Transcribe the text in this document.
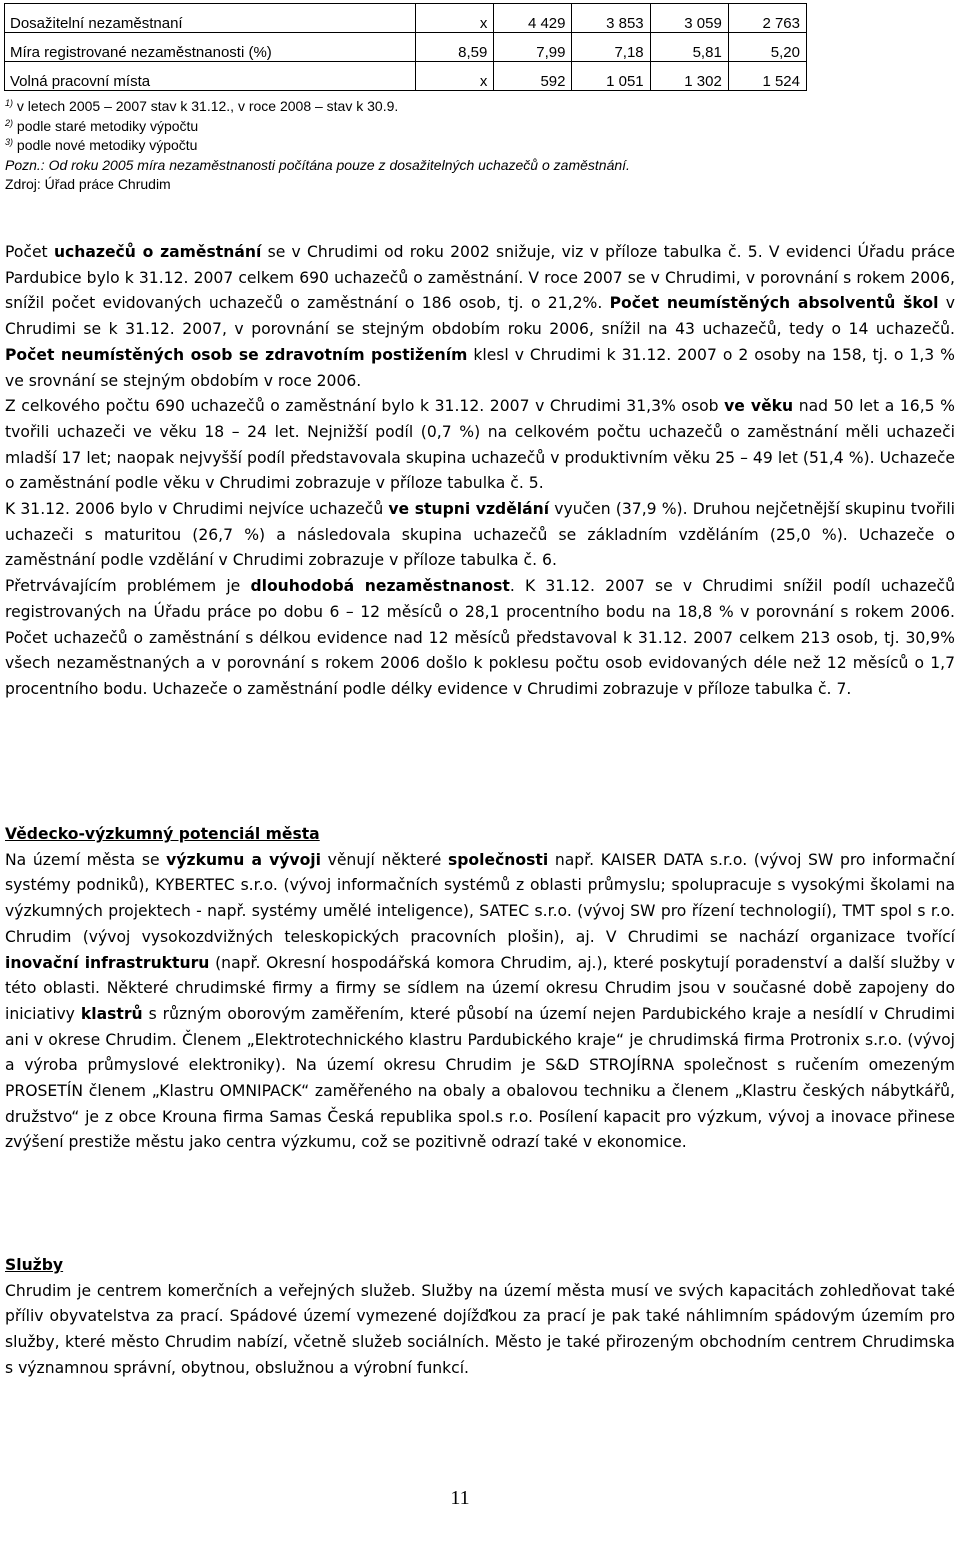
Dosažitelní nezaměstnaní	x	4 429	3 853	3 059	2 763
Míra registrované nezaměstnanosti (%)	8,59	7,99	7,18	5,81	5,20
Volná pracovní místa	x	592	1 051	1 302	1 524
$^{1)}$ v letech 2005 – 2007 stav k 31.12., v roce 2008 – stav k 30.9.
$^{2)}$ podle staré metodiky výpočtu
$^{3)}$ podle nové metodiky výpočtu
Pozn.: Od roku 2005 míra nezaměstnanosti počítána pouze z dosažitelných uchazečů o zaměstnání.
Zdroj: Úřad práce Chrudim

Počet uchazečů o zaměstnání se v Chrudimi od roku 2002 snižuje, viz v příloze tabulka č. 5. V evidenci Úřadu práce Pardubice bylo k 31.12. 2007 celkem 690 uchazečů o zaměstnání. V roce 2007 se v Chrudimi, v porovnání s rokem 2006, snížil počet evidovaných uchazečů o zaměstnání o 186 osob, tj. o 21,2%. Počet neumístěných absolventů škol v Chrudimi se k 31.12. 2007, v porovnání se stejným obdobím roku 2006, snížil na 43 uchazečů, tedy o 14 uchazečů. Počet neumístěných osob se zdravotním postižením klesl v Chrudimi k 31.12. 2007 o 2 osoby na 158, tj. o 1,3 % ve srovnání se stejným obdobím v roce 2006.

Z celkového počtu 690 uchazečů o zaměstnání bylo k 31.12. 2007 v Chrudimi 31,3% osob ve věku nad 50 let a 16,5 % tvořili uchazeči ve věku 18 – 24 let. Nejnižší podíl (0,7 %) na celkovém počtu uchazečů o zaměstnání měli uchazeči mladší 17 let; naopak nejvyšší podíl představovala skupina uchazečů v produktivním věku 25 – 49 let (51,4 %). Uchazeče o zaměstnání podle věku v Chrudimi zobrazuje v příloze tabulka č. 5.

K 31.12. 2006 bylo v Chrudimi nejvíce uchazečů ve stupni vzdělání vyučen (37,9 %). Druhou nejčetnější skupinu tvořili uchazeči s maturitou (26,7 %) a následovala skupina uchazečů se základním vzděláním (25,0 %). Uchazeče o zaměstnání podle vzdělání v Chrudimi zobrazuje v příloze tabulka č. 6.

Přetrvávajícím problémem je dlouhodobá nezaměstnanost. K 31.12. 2007 se v Chrudimi snížil podíl uchazečů registrovaných na Úřadu práce po dobu 6 – 12 měsíců o 28,1 procentního bodu na 18,8 % v porovnání s rokem 2006. Počet uchazečů o zaměstnání s délkou evidence nad 12 měsíců představoval k 31.12. 2007 celkem 213 osob, tj. 30,9% všech nezaměstnaných a v porovnání s rokem 2006 došlo k poklesu počtu osob evidovaných déle než 12 měsíců o 1,7 procentního bodu. Uchazeče o zaměstnání podle délky evidence v Chrudimi zobrazuje v příloze tabulka č. 7.

Vědecko-výzkumný potenciál města

Na území města se výzkumu a vývoji věnují některé společnosti např. KAISER DATA s.r.o. (vývoj SW pro informační systémy podniků), KYBERTEC s.r.o. (vývoj informačních systémů z oblasti průmyslu; spolupracuje s vysokými školami na výzkumných projektech - např. systémy umělé inteligence), SATEC s.r.o. (vývoj SW pro řízení technologií), TMT spol s r.o. Chrudim (vývoj vysokozdvižných teleskopických pracovních plošin), aj. V Chrudimi se nachází organizace tvořící inovační infrastrukturu (např. Okresní hospodářská komora Chrudim, aj.), které poskytují poradenství a další služby v této oblasti. Některé chrudimské firmy a firmy se sídlem na území okresu Chrudim jsou v současné době zapojeny do iniciativy klastrů s různým oborovým zaměřením, které působí na území nejen Pardubického kraje a nesídlí v Chrudimi ani v okrese Chrudim. Členem „Elektrotechnického klastru Pardubického kraje“ je chrudimská firma Protronix s.r.o. (vývoj a výroba průmyslové elektroniky). Na území okresu Chrudim je S&D STROJÍRNA společnost s ručením omezeným PROSETÍN členem „Klastru OMNIPACK“ zaměřeného na obaly a obalovou techniku a členem „Klastru českých nábytkářů, družstvo“ je z obce Krouna firma Samas Česká republika spol.s r.o. Posílení kapacit pro výzkum, vývoj a inovace přinese zvýšení prestiže městu jako centra výzkumu, což se pozitivně odrazí také v ekonomice.

Služby

Chrudim je centrem komerčních a veřejných služeb. Služby na území města musí ve svých kapacitách zohledňovat také příliv obyvatelstva za prací. Spádové území vymezené dojížďkou za prací je pak také náhlimním spádovým územím pro služby, které město Chrudim nabízí, včetně služeb sociálních. Město je také přirozeným obchodním centrem Chrudimska s významnou správní, obytnou, obslužnou a výrobní funkcí.

11
